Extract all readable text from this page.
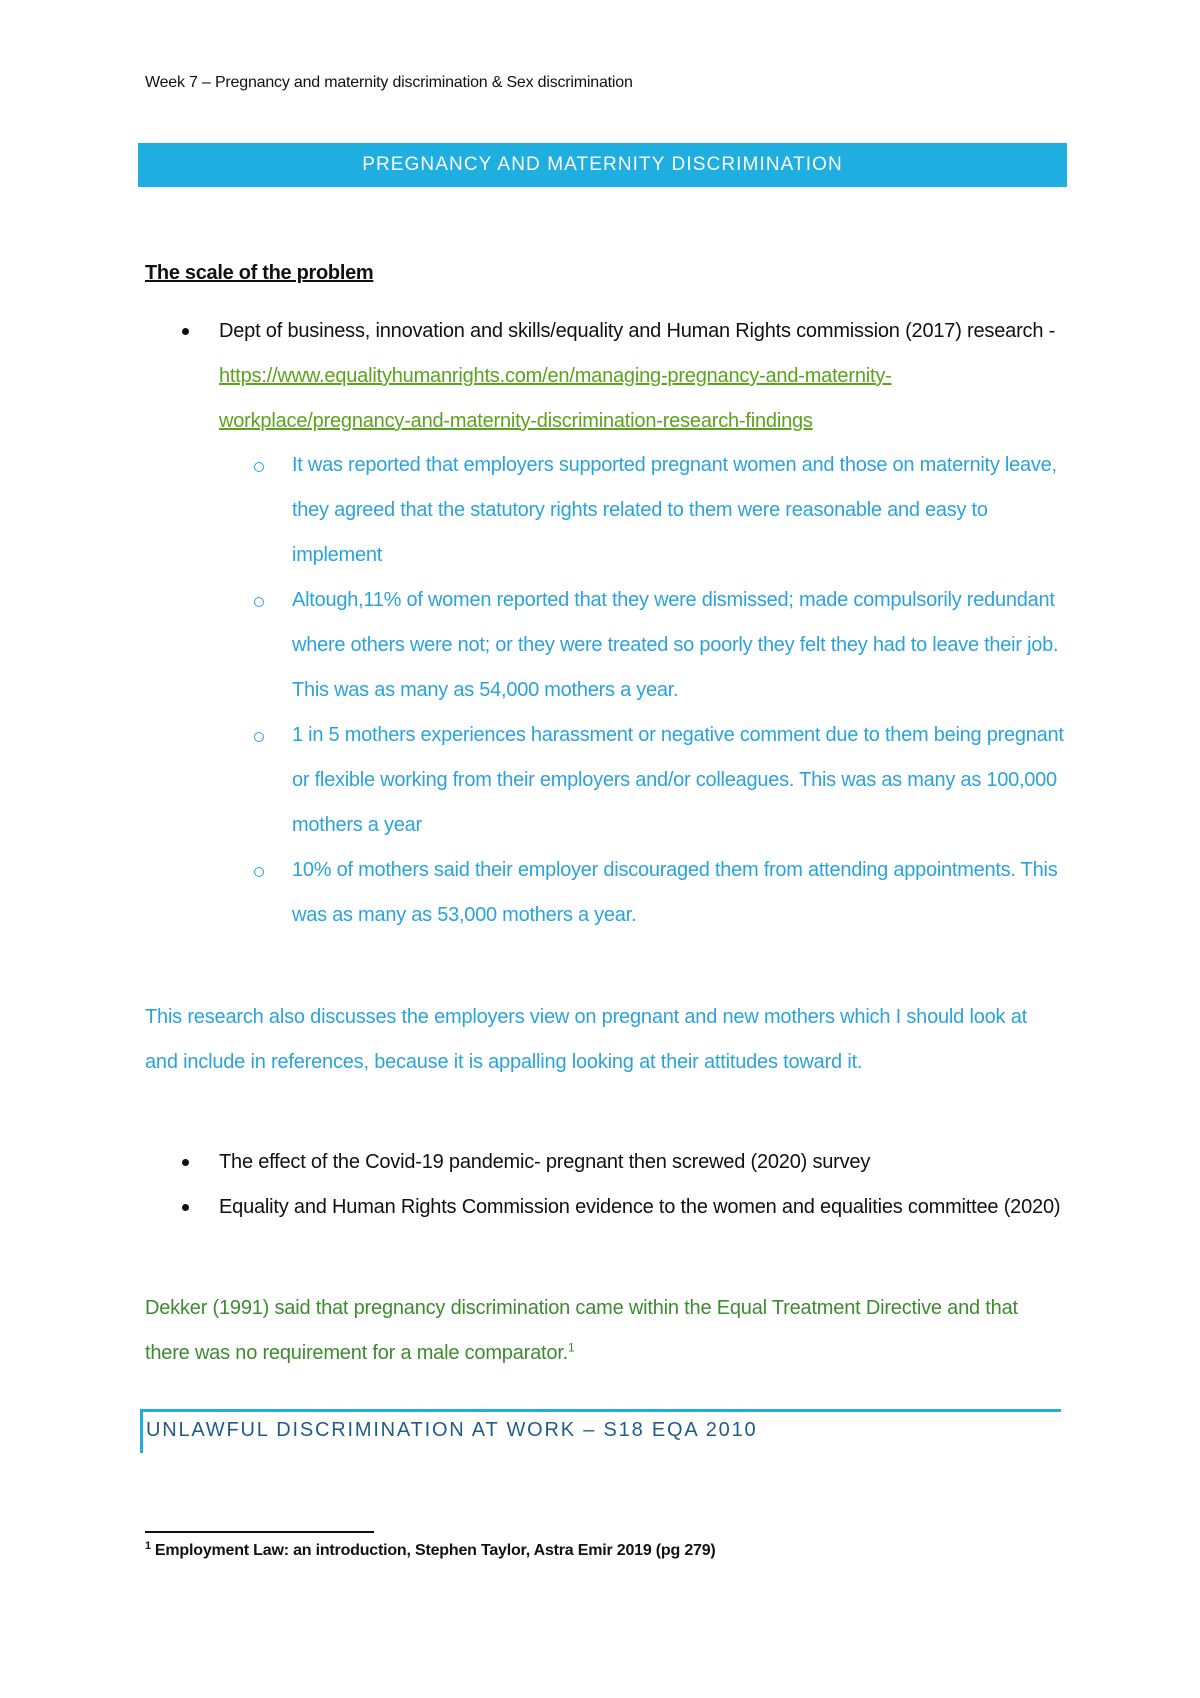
Week 7 – Pregnancy and maternity discrimination & Sex discrimination
PREGNANCY AND MATERNITY DISCRIMINATION
The scale of the problem
Dept of business, innovation and skills/equality and Human Rights commission (2017) research - https://www.equalityhumanrights.com/en/managing-pregnancy-and-maternity-workplace/pregnancy-and-maternity-discrimination-research-findings
It was reported that employers supported pregnant women and those on maternity leave, they agreed that the statutory rights related to them were reasonable and easy to implement
Altough,11% of women reported that they were dismissed; made compulsorily redundant where others were not; or they were treated so poorly they felt they had to leave their job. This was as many as 54,000 mothers a year.
1 in 5 mothers experiences harassment or negative comment due to them being pregnant or flexible working from their employers and/or colleagues. This was as many as 100,000 mothers a year
10% of mothers said their employer discouraged them from attending appointments. This was as many as 53,000 mothers a year.

This research also discusses the employers view on pregnant and new mothers which I should look at and include in references, because it is appalling looking at their attitudes toward it.

The effect of the Covid-19 pandemic- pregnant then screwed (2020) survey
Equality and Human Rights Commission evidence to the women and equalities committee (2020)

Dekker (1991) said that pregnancy discrimination came within the Equal Treatment Directive and that there was no requirement for a male comparator.$^1$

UNLAWFUL DISCRIMINATION AT WORK – S18 EQA 2010
$^1$ Employment Law: an introduction, Stephen Taylor, Astra Emir 2019 (pg 279)
